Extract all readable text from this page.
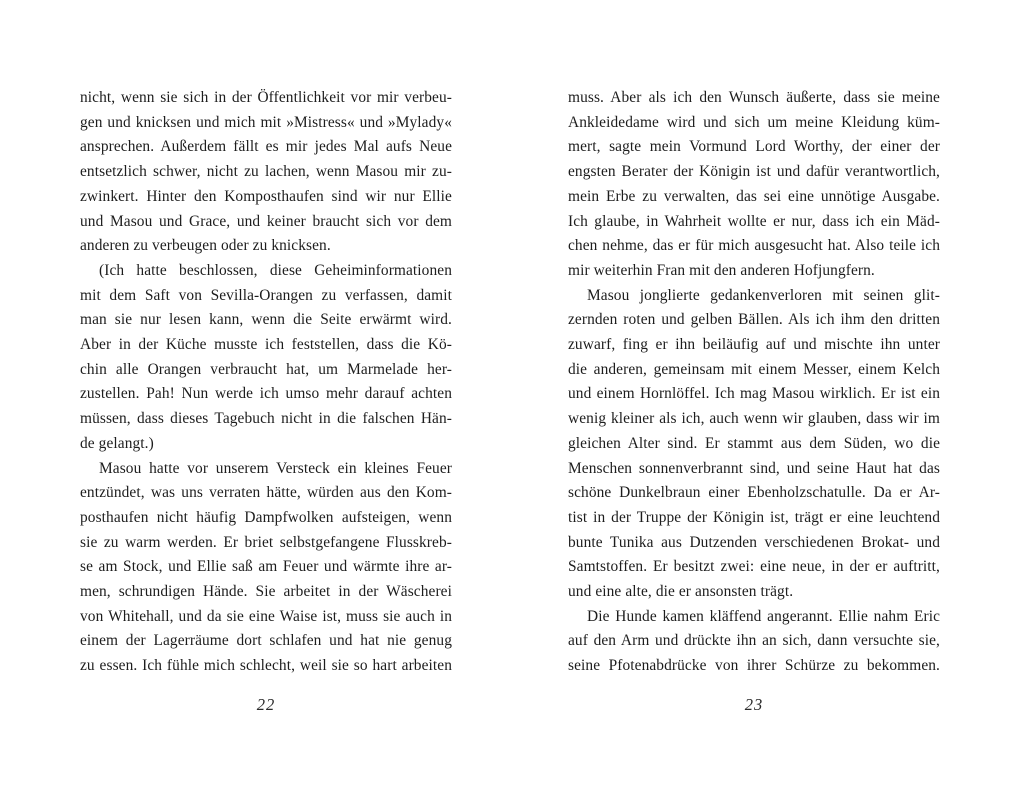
nicht, wenn sie sich in der Öffentlichkeit vor mir verbeu-
gen und knicksen und mich mit »Mistress« und »Mylady«
ansprechen. Außerdem fällt es mir jedes Mal aufs Neue
entsetzlich schwer, nicht zu lachen, wenn Masou mir zu-
zwinkert. Hinter den Komposthaufen sind wir nur Ellie
und Masou und Grace, und keiner braucht sich vor dem
anderen zu verbeugen oder zu knicksen.
(Ich hatte beschlossen, diese Geheiminformationen
mit dem Saft von Sevilla-Orangen zu verfassen, damit
man sie nur lesen kann, wenn die Seite erwärmt wird.
Aber in der Küche musste ich feststellen, dass die Kö-
chin alle Orangen verbraucht hat, um Marmelade her-
zustellen. Pah! Nun werde ich umso mehr darauf achten
müssen, dass dieses Tagebuch nicht in die falschen Hän-
de gelangt.)
Masou hatte vor unserem Versteck ein kleines Feuer
entzündet, was uns verraten hätte, würden aus den Kom-
posthaufen nicht häufig Dampfwolken aufsteigen, wenn
sie zu warm werden. Er briet selbstgefangene Flusskreb-
se am Stock, und Ellie saß am Feuer und wärmte ihre ar-
men, schrundigen Hände. Sie arbeitet in der Wäscherei
von Whitehall, und da sie eine Waise ist, muss sie auch in
einem der Lagerräume dort schlafen und hat nie genug
zu essen. Ich fühle mich schlecht, weil sie so hart arbeiten
22
muss. Aber als ich den Wunsch äußerte, dass sie meine
Ankleidedame wird und sich um meine Kleidung küm-
mert, sagte mein Vormund Lord Worthy, der einer der
engsten Berater der Königin ist und dafür verantwortlich,
mein Erbe zu verwalten, das sei eine unnötige Ausgabe.
Ich glaube, in Wahrheit wollte er nur, dass ich ein Mäd-
chen nehme, das er für mich ausgesucht hat. Also teile ich
mir weiterhin Fran mit den anderen Hofjungfern.
Masou jonglierte gedankenverloren mit seinen glit-
zernden roten und gelben Bällen. Als ich ihm den dritten
zuwarf, fing er ihn beiläufig auf und mischte ihn unter
die anderen, gemeinsam mit einem Messer, einem Kelch
und einem Hornlöffel. Ich mag Masou wirklich. Er ist ein
wenig kleiner als ich, auch wenn wir glauben, dass wir im
gleichen Alter sind. Er stammt aus dem Süden, wo die
Menschen sonnenverbrannt sind, und seine Haut hat das
schöne Dunkelbraun einer Ebenholzschatulle. Da er Ar-
tist in der Truppe der Königin ist, trägt er eine leuchtend
bunte Tunika aus Dutzenden verschiedenen Brokat- und
Samtstoffen. Er besitzt zwei: eine neue, in der er auftritt,
und eine alte, die er ansonsten trägt.
Die Hunde kamen kläffend angerannt. Ellie nahm Eric
auf den Arm und drückte ihn an sich, dann versuchte sie,
seine Pfotenabdrücke von ihrer Schürze zu bekommen.
23
